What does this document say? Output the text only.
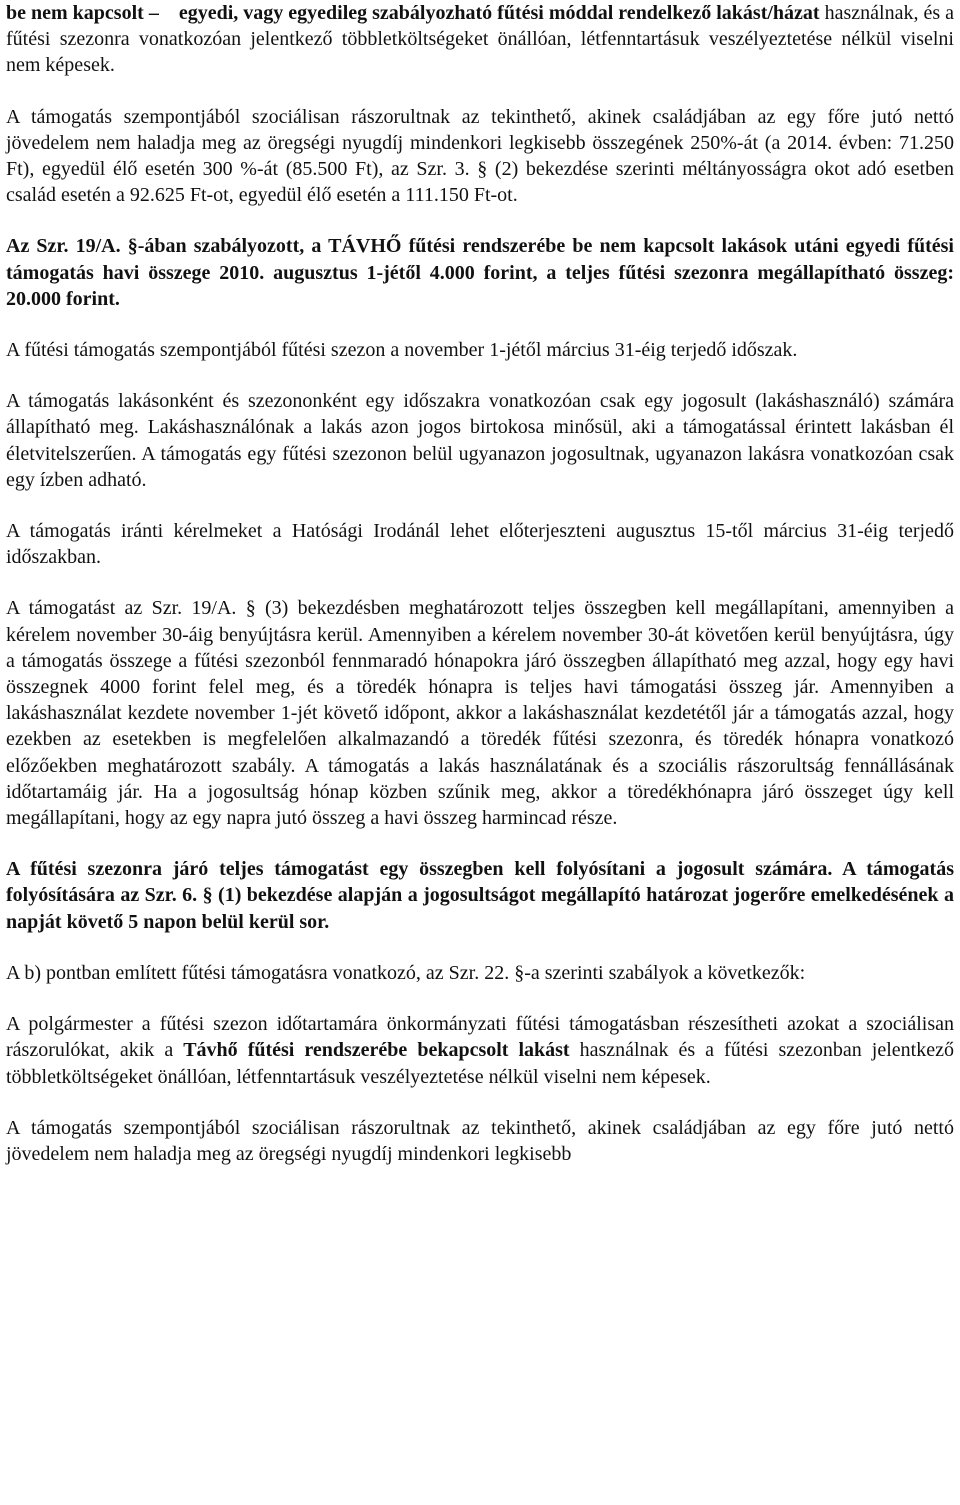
be nem kapcsolt – egyedi, vagy egyedileg szabályozható fűtési móddal rendelkező lakást/házat használnak, és a fűtési szezonra vonatkozóan jelentkező többletköltségeket önállóan, létfenntartásuk veszélyeztetése nélkül viselni nem képesek.

A támogatás szempontjából szociálisan rászorultnak az tekinthető, akinek családjában az egy főre jutó nettó jövedelem nem haladja meg az öregségi nyugdíj mindenkori legkisebb összegének 250%-át (a 2014. évben: 71.250 Ft), egyedül élő esetén 300 %-át (85.500 Ft), az Szr. 3. § (2) bekezdése szerinti méltányosságra okot adó esetben család esetén a 92.625 Ft-ot, egyedül élő esetén a 111.150 Ft-ot.

Az Szr. 19/A. §-ában szabályozott, a TÁVHŐ fűtési rendszerébe be nem kapcsolt lakások utáni egyedi fűtési támogatás havi összege 2010. augusztus 1-jétől 4.000 forint, a teljes fűtési szezonra megállapítható összeg: 20.000 forint.

A fűtési támogatás szempontjából fűtési szezon a november 1-jétől március 31-éig terjedő időszak.

A támogatás lakásonként és szezononként egy időszakra vonatkozóan csak egy jogosult (lakáshasználó) számára állapítható meg. Lakáshasználónak a lakás azon jogos birtokosa minősül, aki a támogatással érintett lakásban él életvitelszerűen. A támogatás egy fűtési szezonon belül ugyanazon jogosultnak, ugyanazon lakásra vonatkozóan csak egy ízben adható.

A támogatás iránti kérelmeket a Hatósági Irodánál lehet előterjeszteni augusztus 15-től március 31-éig terjedő időszakban.

A támogatást az Szr. 19/A. § (3) bekezdésben meghatározott teljes összegben kell megállapítani, amennyiben a kérelem november 30-áig benyújtásra kerül. Amennyiben a kérelem november 30-át követően kerül benyújtásra, úgy a támogatás összege a fűtési szezonból fennmaradó hónapokra járó összegben állapítható meg azzal, hogy egy havi összegnek 4000 forint felel meg, és a töredék hónapra is teljes havi támogatási összeg jár. Amennyiben a lakáshasználat kezdete november 1-jét követő időpont, akkor a lakáshasználat kezdetétől jár a támogatás azzal, hogy ezekben az esetekben is megfelelően alkalmazandó a töredék fűtési szezonra, és töredék hónapra vonatkozó előzőekben meghatározott szabály. A támogatás a lakás használatának és a szociális rászorultság fennállásának időtartamáig jár. Ha a jogosultság hónap közben szűnik meg, akkor a töredékhónapra járó összeget úgy kell megállapítani, hogy az egy napra jutó összeg a havi összeg harmincad része.

A fűtési szezonra járó teljes támogatást egy összegben kell folyósítani a jogosult számára. A támogatás folyósítására az Szr. 6. § (1) bekezdése alapján a jogosultságot megállapító határozat jogerőre emelkedésének a napját követő 5 napon belül kerül sor.

A b) pontban említett fűtési támogatásra vonatkozó, az Szr. 22. §-a szerinti szabályok a következők:

A polgármester a fűtési szezon időtartamára önkormányzati fűtési támogatásban részesítheti azokat a szociálisan rászorulókat, akik a Távhő fűtési rendszerébe bekapcsolt lakást használnak és a fűtési szezonban jelentkező többletköltségeket önállóan, létfenntartásuk veszélyeztetése nélkül viselni nem képesek.

A támogatás szempontjából szociálisan rászorultnak az tekinthető, akinek családjában az egy főre jutó nettó jövedelem nem haladja meg az öregségi nyugdíj mindenkori legkisebb
